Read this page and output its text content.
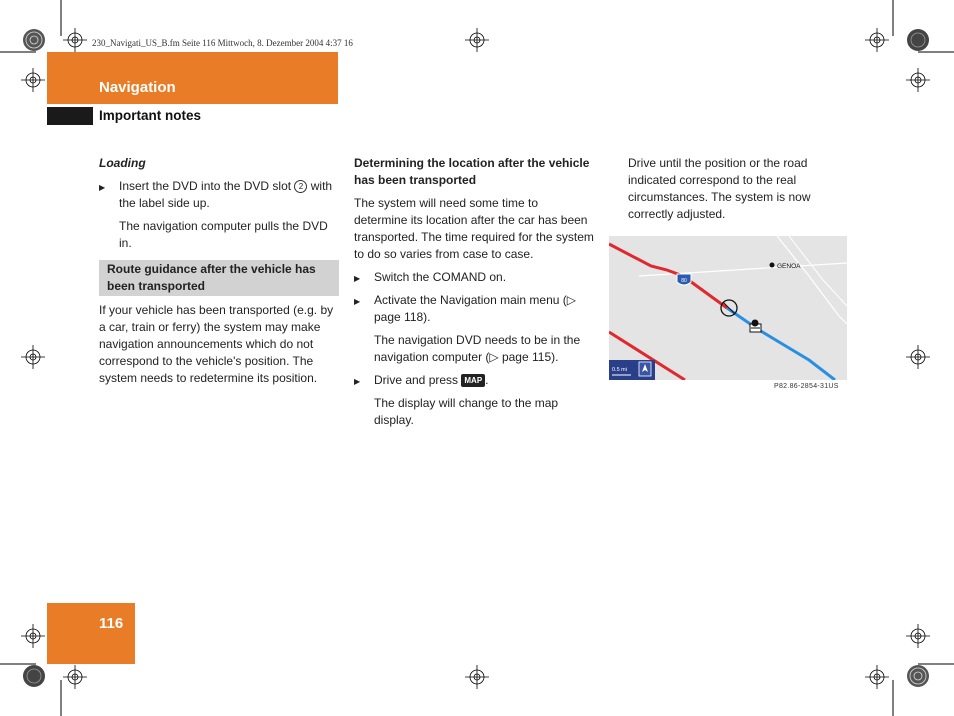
230_Navigati_US_B.fm Seite 116 Mittwoch, 8. Dezember 2004 4:37 16
Navigation
Important notes

Loading

▶ Insert the DVD into the DVD slot 2 with the label side up.

The navigation computer pulls the DVD in.

Route guidance after the vehicle has been transported

If your vehicle has been transported (e.g. by a car, train or ferry) the system may make navigation announcements which do not correspond to the vehicle's position. The system needs to redetermine its position.

Determining the location after the vehicle has been transported

The system will need some time to determine its location after the car has been transported. The time required for the system to do so varies from case to case.

▶ Switch the COMAND on.

▶ Activate the Navigation main menu (▷ page 118).

The navigation DVD needs to be in the navigation computer (▷ page 115).

▶ Drive and press MAP .

The display will change to the map display.

Drive until the position or the road indicated correspond to the real circumstances. The system is now correctly adjusted.

80
GENOA
0.5 mi
P82.86-2854-31US
116
